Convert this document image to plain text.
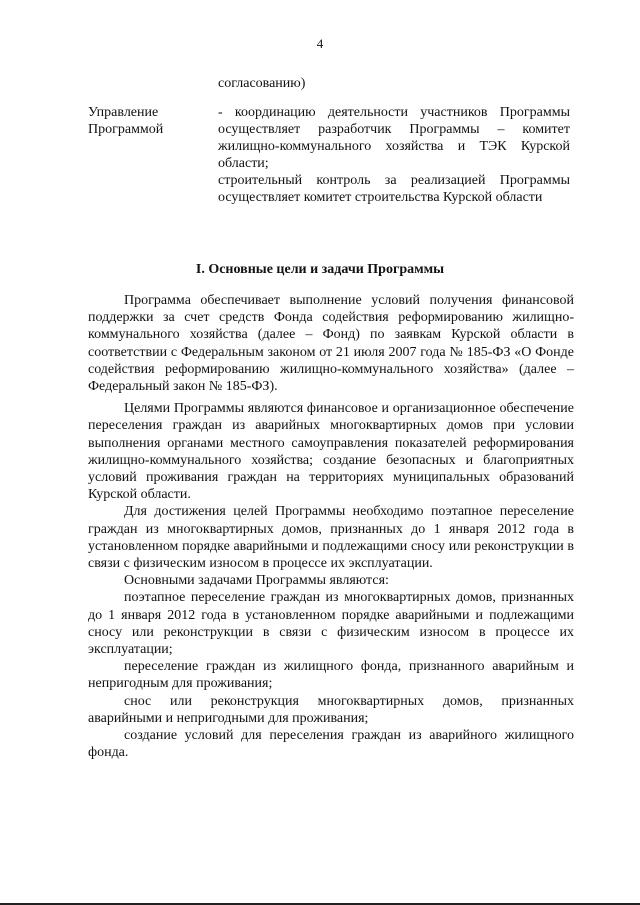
4
согласованию)
Управление
Программой

- координацию деятельности участников Программы осуществляет разработчик Программы – комитет жилищно-коммунального хозяйства и ТЭК Курской области;

строительный контроль за реализацией Программы осуществляет комитет строительства Курской области

I. Основные цели и задачи Программы

Программа обеспечивает выполнение условий получения финансовой поддержки за счет средств Фонда содействия реформированию жилищно-коммунального хозяйства (далее – Фонд) по заявкам Курской области в соответствии с Федеральным законом от 21 июля 2007 года № 185-ФЗ «О Фонде содействия реформированию жилищно-коммунального хозяйства» (далее – Федеральный закон № 185-ФЗ).

Целями Программы являются финансовое и организационное обеспечение переселения граждан из аварийных многоквартирных домов при условии выполнения органами местного самоуправления показателей реформирования жилищно-коммунального хозяйства; создание безопасных и благоприятных условий проживания граждан на территориях муниципальных образований Курской области.

Для достижения целей Программы необходимо поэтапное переселение граждан из многоквартирных домов, признанных до 1 января 2012 года в установленном порядке аварийными и подлежащими сносу или реконструкции в связи с физическим износом в процессе их эксплуатации.

Основными задачами Программы являются:

поэтапное переселение граждан из многоквартирных домов, признанных до 1 января 2012 года в установленном порядке аварийными и подлежащими сносу или реконструкции в связи с физическим износом в процессе их эксплуатации;

переселение граждан из жилищного фонда, признанного аварийным и непригодным для проживания;

снос или реконструкция многоквартирных домов, признанных аварийными и непригодными для проживания;

создание условий для переселения граждан из аварийного жилищного фонда.
